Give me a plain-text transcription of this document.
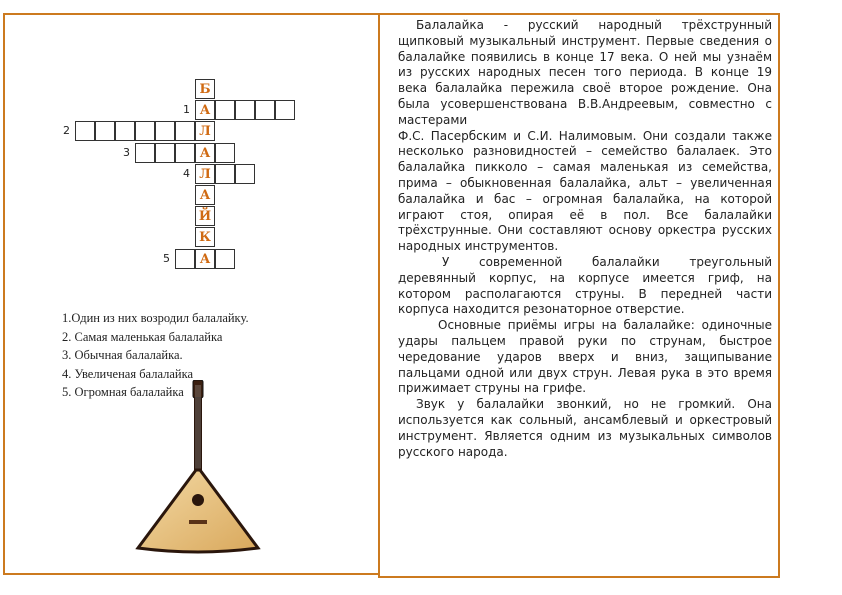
Б
А
Л
А
Л
А
Й
К
А
1
2
3
4
5
1.Один из них возродил балалайку.
2. Самая маленькая балалайка
3. Обычная балалайка.
4. Увеличеная балалайка
5. Огромная балалайка

Балалайка - русский народный трёхструнный щипковый музыкальный инструмент. Первые сведения о балалайке появились в конце 17 века. О ней мы узнаём из русских народных песен того периода. В конце 19 века балалайка пережила своё второе рождение. Она была усовершенствована В.В.Андреевым, совместно с мастерами

Ф.С. Пасербским и С.И. Налимовым. Они создали также несколько разновидностей – семейство балалаек. Это балалайка пикколо – самая маленькая из семейства, прима – обыкновенная балалайка, альт – увеличенная балалайка и бас – огромная балалайка, на которой играют стоя, опирая её в пол. Все балалайки трёхструнные. Они составляют основу оркестра русских народных инструментов.

У современной балалайки треугольный деревянный корпус, на корпусе имеется гриф, на котором располагаются струны. В передней части корпуса находится резонаторное отверстие.

Основные приёмы игры на балалайке: одиночные удары пальцем правой руки по струнам, быстрое чередование ударов вверх и вниз, защипывание пальцами одной или двух струн. Левая рука в это время прижимает струны на грифе.

Звук у балалайки звонкий, но не громкий. Она используется как сольный, ансамблевый и оркестровый инструмент. Является одним из музыкальных символов русского народа.
